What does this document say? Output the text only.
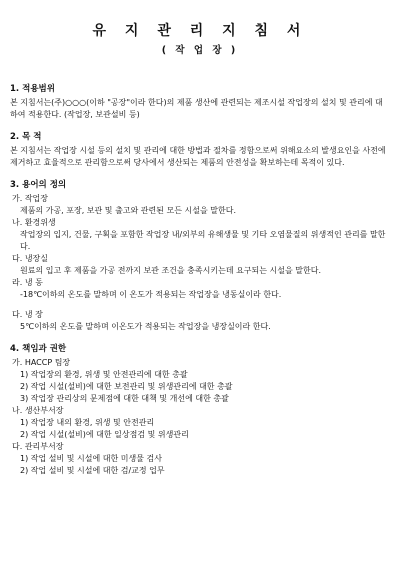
유 지 관 리 지 침 서

( 작 업 장 )

1. 적용범위

본 지침서는(주)○○○(이하 "공장"이라 한다)의 제품 생산에 관련되는 제조시설 작업장의 설치 및 관리에 대하여 적용한다. (작업장, 보관설비 등)

2. 목 적

본 지침서는 작업장 시설 등의 설치 및 관리에 대한 방법과 절차를 정함으로써 위해요소의 발생요인을 사전에 제거하고 효율적으로 관리함으로써 당사에서 생산되는 제품의 안전성을 확보하는데 목적이 있다.

3. 용어의 정의

가. 작업장

제품의 가공, 포장, 보관 및 출고와 관련된 모든 시설을 말한다.

나. 환경위생

작업장의 입지, 건물, 구획을 포함한 작업장 내/외부의 유해생물 및 기타 오염물질의 위생적인 관리를 말한다.

다. 냉장실

원료의 입고 후 제품을 가공 전까지 보관 조건을 충족시키는데 요구되는 시설을 말한다.

라. 냉 동

-18℃이하의 온도를 말하며 이 온도가 적용되는 작업장을 냉동실이라 한다.

다. 냉 장

5℃이하의 온도를 말하며 이온도가 적용되는 작업장을 냉장실이라 한다.

4. 책임과 권한

가. HACCP 팀장

1) 작업장의 환경, 위생 및 안전관리에 대한 총괄

2) 작업 시설(설비)에 대한 보전관리 및 위생관리에 대한 총괄

3) 작업장 관리상의 문제점에 대한 대책 및 개선에 대한 총괄

나. 생산부서장

1) 작업장 내의 환경, 위생 및 안전관리

2) 작업 시설(설비)에 대한 일상점검 및 위생관리

다. 관리부서장

1) 작업 설비 및 시설에 대한 미생물 검사

2) 작업 설비 및 시설에 대한 검/교정 업무
